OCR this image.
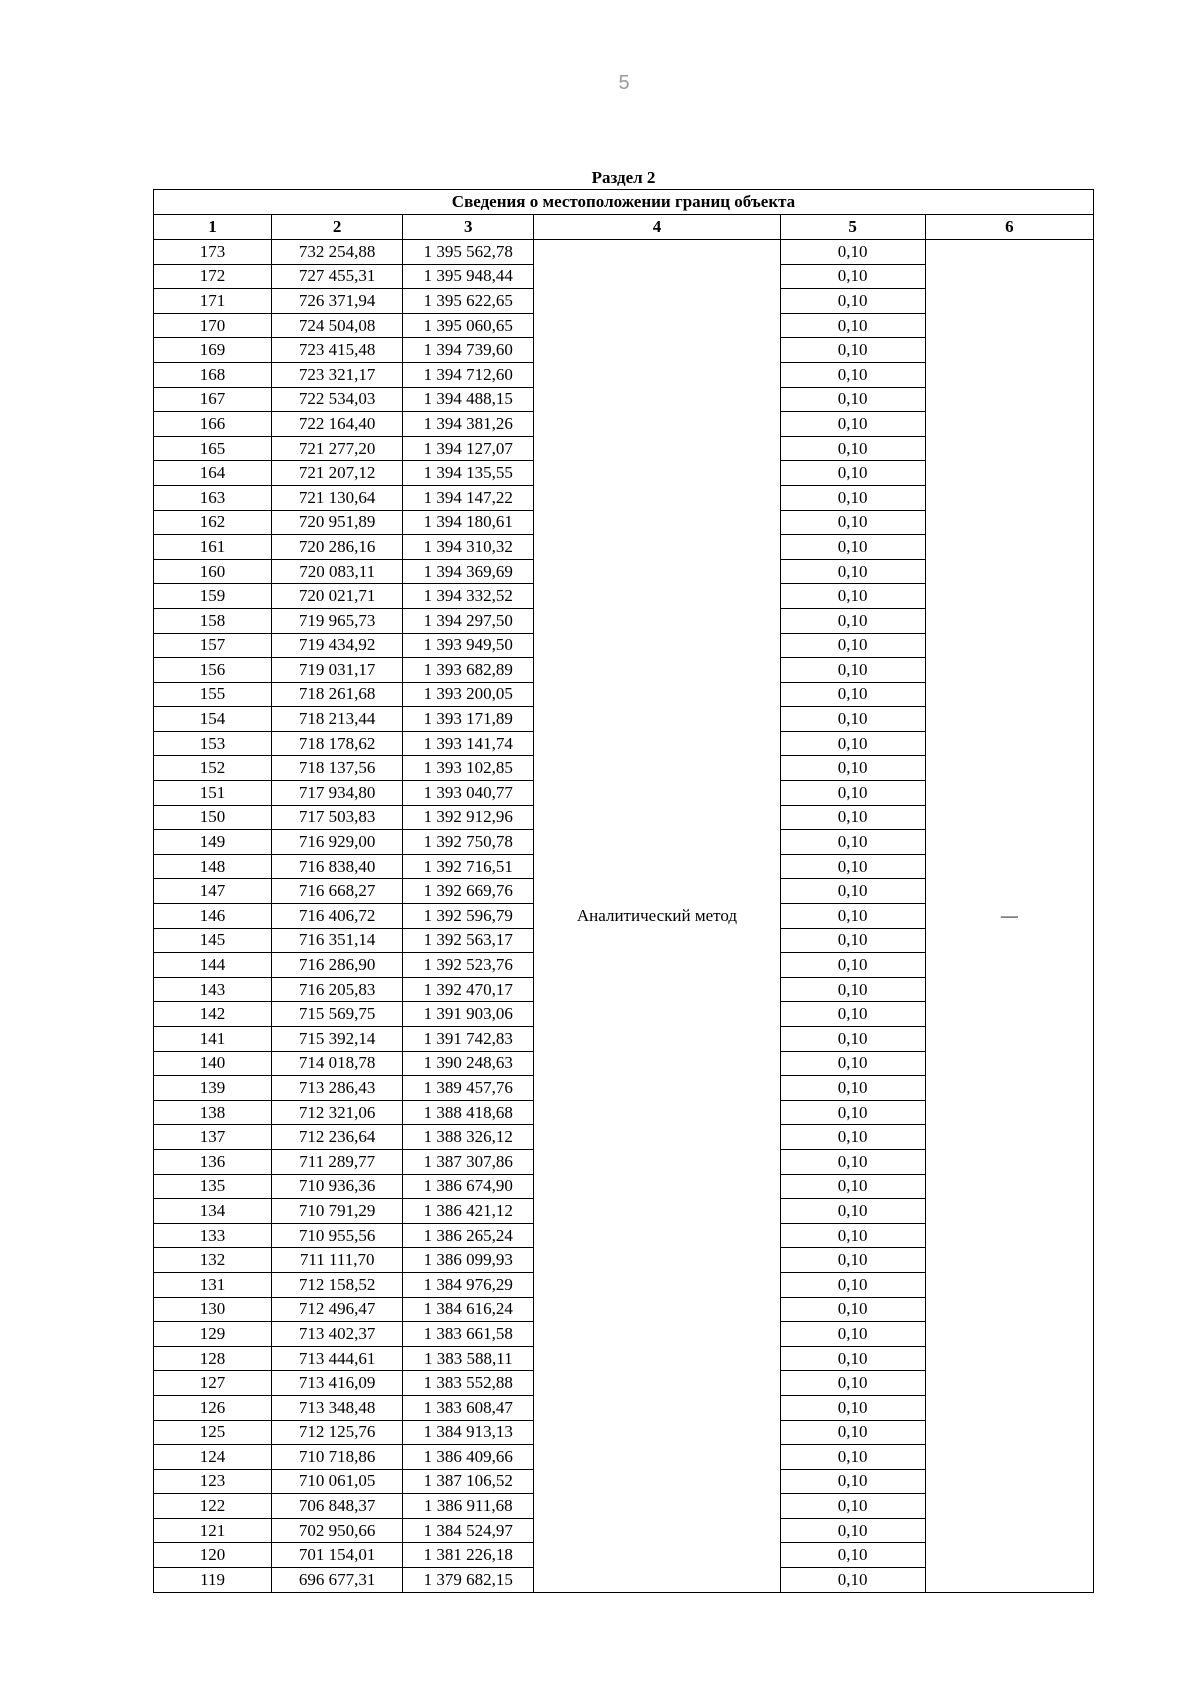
5
Раздел 2
Сведения о местоположении границ объекта					
1	2	3	4	5	6
173	732 254,88	1 395 562,78	Аналитический метод	0,10	—
172	727 455,31	1 395 948,44		0,10	
171	726 371,94	1 395 622,65		0,10	
170	724 504,08	1 395 060,65		0,10	
169	723 415,48	1 394 739,60		0,10	
168	723 321,17	1 394 712,60		0,10	
167	722 534,03	1 394 488,15		0,10	
166	722 164,40	1 394 381,26		0,10	
165	721 277,20	1 394 127,07		0,10	
164	721 207,12	1 394 135,55		0,10	
163	721 130,64	1 394 147,22		0,10	
162	720 951,89	1 394 180,61		0,10	
161	720 286,16	1 394 310,32		0,10	
160	720 083,11	1 394 369,69		0,10	
159	720 021,71	1 394 332,52		0,10	
158	719 965,73	1 394 297,50		0,10	
157	719 434,92	1 393 949,50		0,10	
156	719 031,17	1 393 682,89		0,10	
155	718 261,68	1 393 200,05		0,10	
154	718 213,44	1 393 171,89		0,10	
153	718 178,62	1 393 141,74		0,10	
152	718 137,56	1 393 102,85		0,10	
151	717 934,80	1 393 040,77		0,10	
150	717 503,83	1 392 912,96		0,10	
149	716 929,00	1 392 750,78		0,10	
148	716 838,40	1 392 716,51		0,10	
147	716 668,27	1 392 669,76		0,10	
146	716 406,72	1 392 596,79		0,10	
145	716 351,14	1 392 563,17		0,10	
144	716 286,90	1 392 523,76		0,10	
143	716 205,83	1 392 470,17		0,10	
142	715 569,75	1 391 903,06		0,10	
141	715 392,14	1 391 742,83		0,10	
140	714 018,78	1 390 248,63		0,10	
139	713 286,43	1 389 457,76		0,10	
138	712 321,06	1 388 418,68		0,10	
137	712 236,64	1 388 326,12		0,10	
136	711 289,77	1 387 307,86		0,10	
135	710 936,36	1 386 674,90		0,10	
134	710 791,29	1 386 421,12		0,10	
133	710 955,56	1 386 265,24		0,10	
132	711 111,70	1 386 099,93		0,10	
131	712 158,52	1 384 976,29		0,10	
130	712 496,47	1 384 616,24		0,10	
129	713 402,37	1 383 661,58		0,10	
128	713 444,61	1 383 588,11		0,10	
127	713 416,09	1 383 552,88		0,10	
126	713 348,48	1 383 608,47		0,10	
125	712 125,76	1 384 913,13		0,10	
124	710 718,86	1 386 409,66		0,10	
123	710 061,05	1 387 106,52		0,10	
122	706 848,37	1 386 911,68		0,10	
121	702 950,66	1 384 524,97		0,10	
120	701 154,01	1 381 226,18		0,10	
119	696 677,31	1 379 682,15		0,10	
